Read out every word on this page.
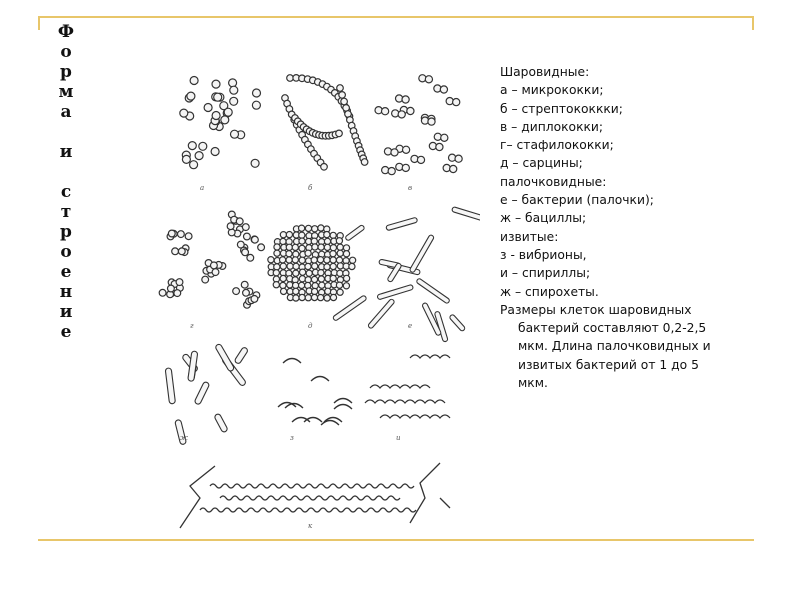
Ф
о
р
м
а

и

с
т
р
о
е
н
и
е
а	б	в
г	д	е
ж	з	и
к
Шаровидные:
а – микрококки;
б – стрептококкки;
в – диплококки;
г– стафилококки;
д – сарцины;
палочковидные:
е – бактерии (палочки);
ж – бациллы;
извитые:
з - вибрионы,
и – спириллы;
ж – спирохеты.
Размеры клеток шаровидных
бактерий составляют 0,2-2,5
мкм. Длина палочковидных и
извитых бактерий от 1 до 5
мкм.
